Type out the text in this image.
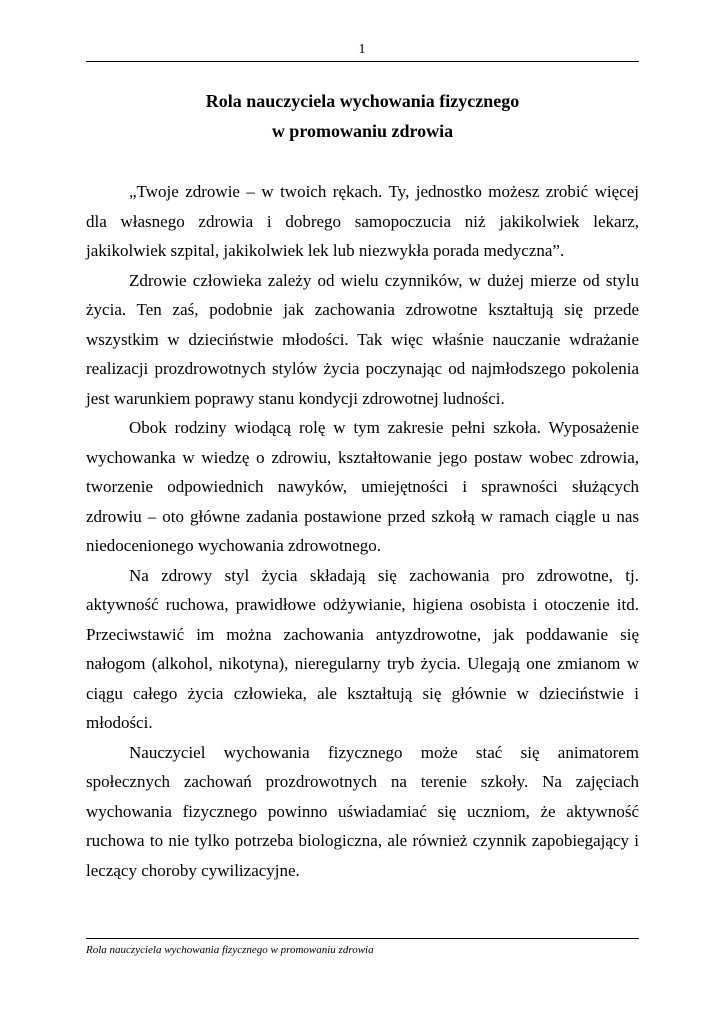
1
Rola nauczyciela wychowania fizycznego
w promowaniu zdrowia

„Twoje zdrowie – w twoich rękach. Ty, jednostko możesz zrobić więcej dla własnego zdrowia i dobrego samopoczucia niż jakikolwiek lekarz, jakikolwiek szpital, jakikolwiek lek lub niezwykła porada medyczna”.

Zdrowie człowieka zależy od wielu czynników, w dużej mierze od stylu życia. Ten zaś, podobnie jak zachowania zdrowotne kształtują się przede wszystkim w dzieciństwie młodości. Tak więc właśnie nauczanie wdrażanie realizacji prozdrowotnych stylów życia poczynając od najmłodszego pokolenia jest warunkiem poprawy stanu kondycji zdrowotnej ludności.

Obok rodziny wiodącą rolę w tym zakresie pełni szkoła. Wyposażenie wychowanka w wiedzę o zdrowiu, kształtowanie jego postaw wobec zdrowia, tworzenie odpowiednich nawyków, umiejętności i sprawności służących zdrowiu – oto główne zadania postawione przed szkołą w ramach ciągle u nas niedocenionego wychowania zdrowotnego.

Na zdrowy styl życia składają się zachowania pro zdrowotne, tj. aktywność ruchowa, prawidłowe odżywianie, higiena osobista i otoczenie itd. Przeciwstawić im można zachowania antyzdrowotne, jak poddawanie się nałogom (alkohol, nikotyna), nieregularny tryb życia. Ulegają one zmianom w ciągu całego życia człowieka, ale kształtują się głównie w dzieciństwie i młodości.

Nauczyciel wychowania fizycznego może stać się animatorem społecznych zachowań prozdrowotnych na terenie szkoły. Na zajęciach wychowania fizycznego powinno uświadamiać się uczniom, że aktywność ruchowa to nie tylko potrzeba biologiczna, ale również czynnik zapobiegający i leczący choroby cywilizacyjne.

Rola nauczyciela wychowania fizycznego w promowaniu zdrowia
